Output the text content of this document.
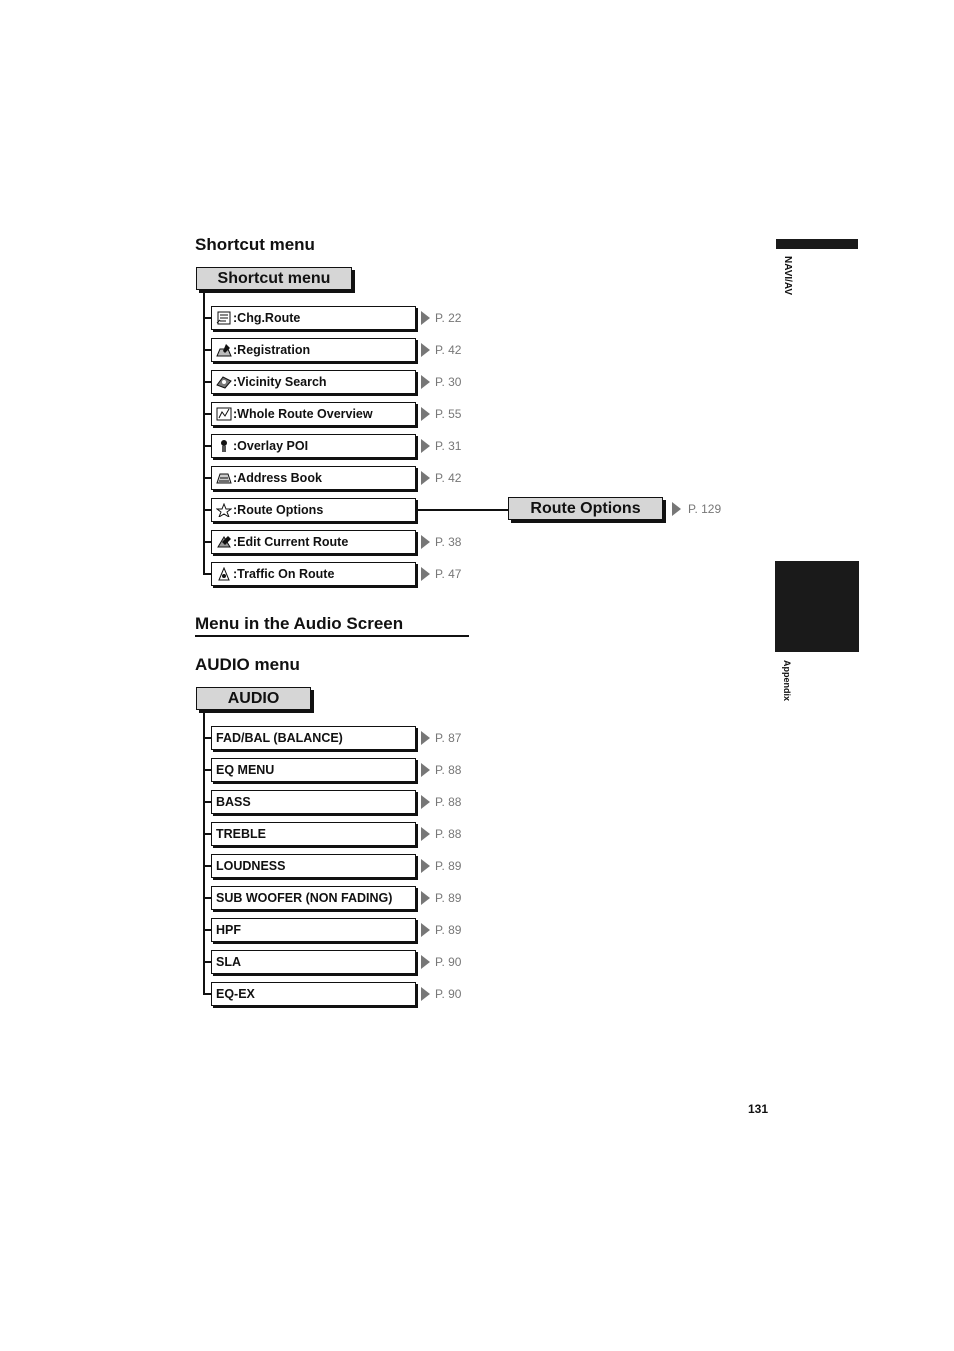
Shortcut menu
Shortcut menu
:Chg.Route	P. 22
:Registration	P. 42
:Vicinity Search	P. 30
:Whole Route Overview	P. 55
:Overlay POI	P. 31
:Address Book	P. 42
:Route Options
:Edit Current Route	P. 38
:Traffic On Route	P. 47
Route Options	P. 129
Menu in the Audio Screen
AUDIO menu
AUDIO
FAD/BAL (BALANCE)	P. 87
EQ MENU	P. 88
BASS	P. 88
TREBLE	P. 88
LOUDNESS	P. 89
SUB WOOFER (NON FADING)	P. 89
HPF	P. 89
SLA	P. 90
EQ-EX	P. 90
NAVI/AV
Appendix
131
